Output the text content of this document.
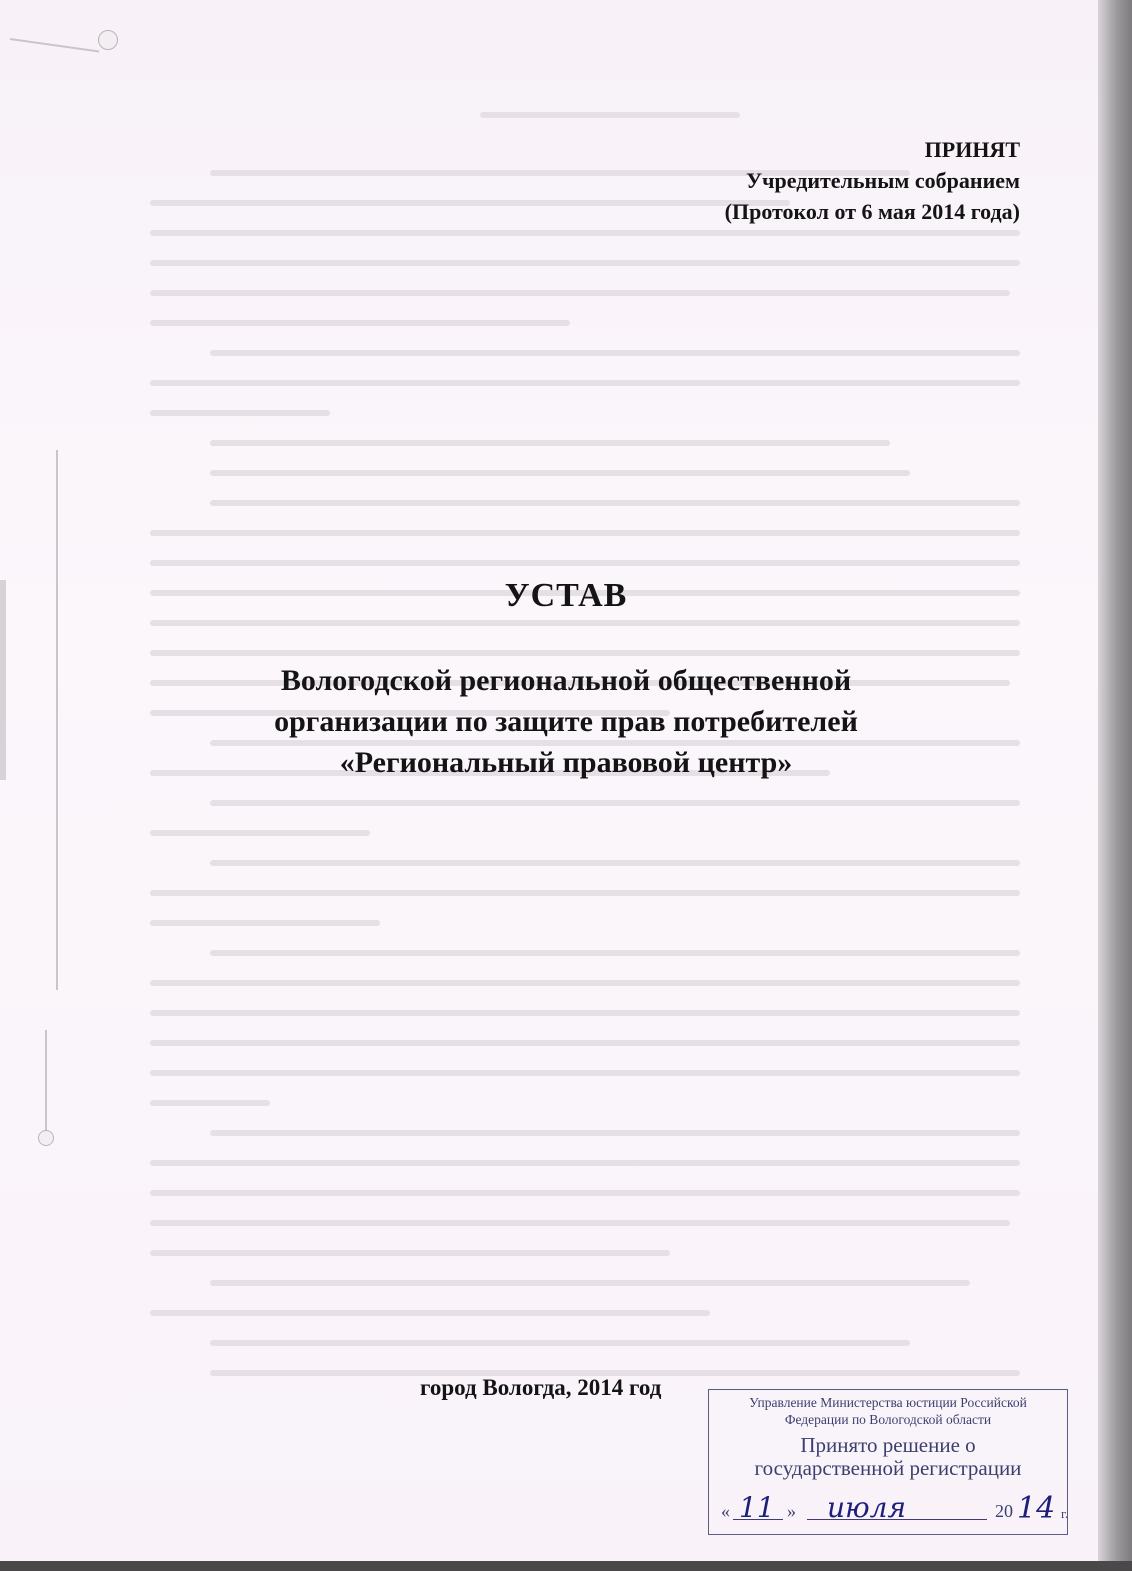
ПРИНЯТ
Учредительным собранием
(Протокол от 6 мая 2014 года)
УСТАВ
Вологодской региональной общественной
организации по защите прав потребителей
«Региональный правовой центр»
город Вологда, 2014 год
Управление Министерства юстиции Российской
Федерации по Вологодской области
Принято решение о
государственной регистрации
« 11 » июля	20 14 г.
